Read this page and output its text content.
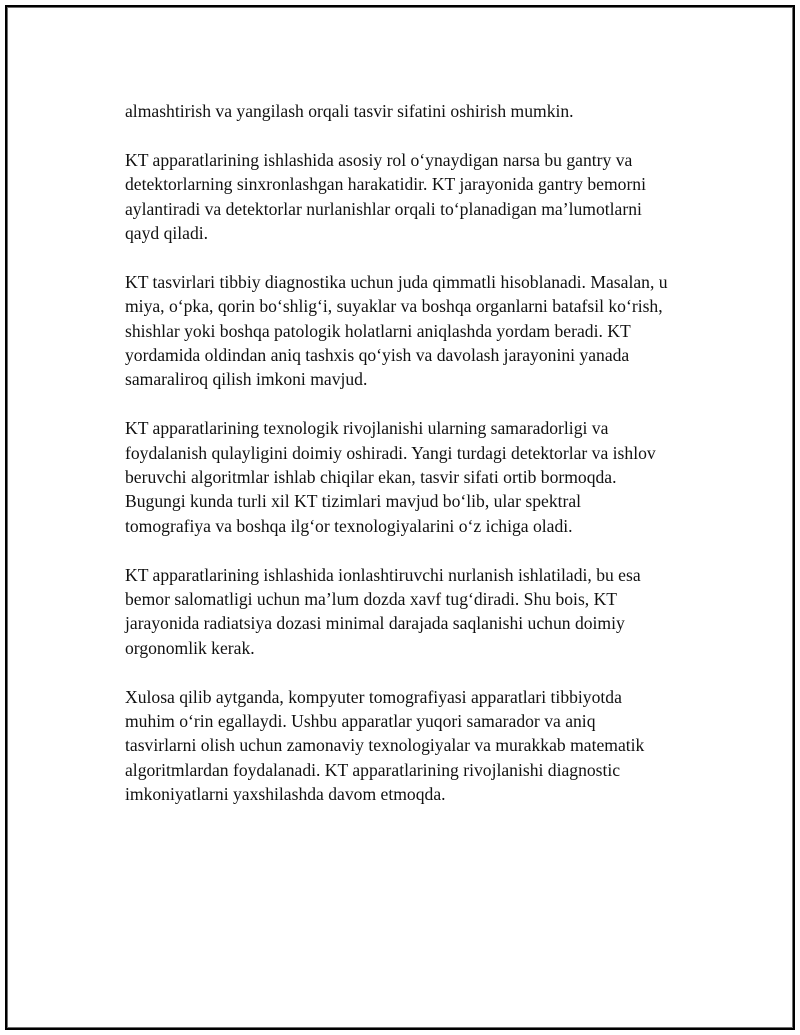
almashtirish va yangilash orqali tasvir sifatini oshirish mumkin.

KT apparatlarining ishlashida asosiy rol o‘ynaydigan narsa bu gantry va
detektorlarning sinxronlashgan harakatidir. KT jarayonida gantry bemorni
aylantiradi va detektorlar nurlanishlar orqali to‘planadigan ma’lumotlarni
qayd qiladi.

KT tasvirlari tibbiy diagnostika uchun juda qimmatli hisoblanadi. Masalan, u
miya, o‘pka, qorin bo‘shlig‘i, suyaklar va boshqa organlarni batafsil ko‘rish,
shishlar yoki boshqa patologik holatlarni aniqlashda yordam beradi. KT
yordamida oldindan aniq tashxis qo‘yish va davolash jarayonini yanada
samaraliroq qilish imkoni mavjud.

KT apparatlarining texnologik rivojlanishi ularning samaradorligi va
foydalanish qulayligini doimiy oshiradi. Yangi turdagi detektorlar va ishlov
beruvchi algoritmlar ishlab chiqilar ekan, tasvir sifati ortib bormoqda.
Bugungi kunda turli xil KT tizimlari mavjud bo‘lib, ular spektral
tomografiya va boshqa ilg‘or texnologiyalarini o‘z ichiga oladi.

KT apparatlarining ishlashida ionlashtiruvchi nurlanish ishlatiladi, bu esa
bemor salomatligi uchun ma’lum dozda xavf tug‘diradi. Shu bois, KT
jarayonida radiatsiya dozasi minimal darajada saqlanishi uchun doimiy
orgonomlik kerak.

Xulosa qilib aytganda, kompyuter tomografiyasi apparatlari tibbiyotda
muhim o‘rin egallaydi. Ushbu apparatlar yuqori samarador va aniq
tasvirlarni olish uchun zamonaviy texnologiyalar va murakkab matematik
algoritmlardan foydalanadi. KT apparatlarining rivojlanishi diagnostic
imkoniyatlarni yaxshilashda davom etmoqda.
